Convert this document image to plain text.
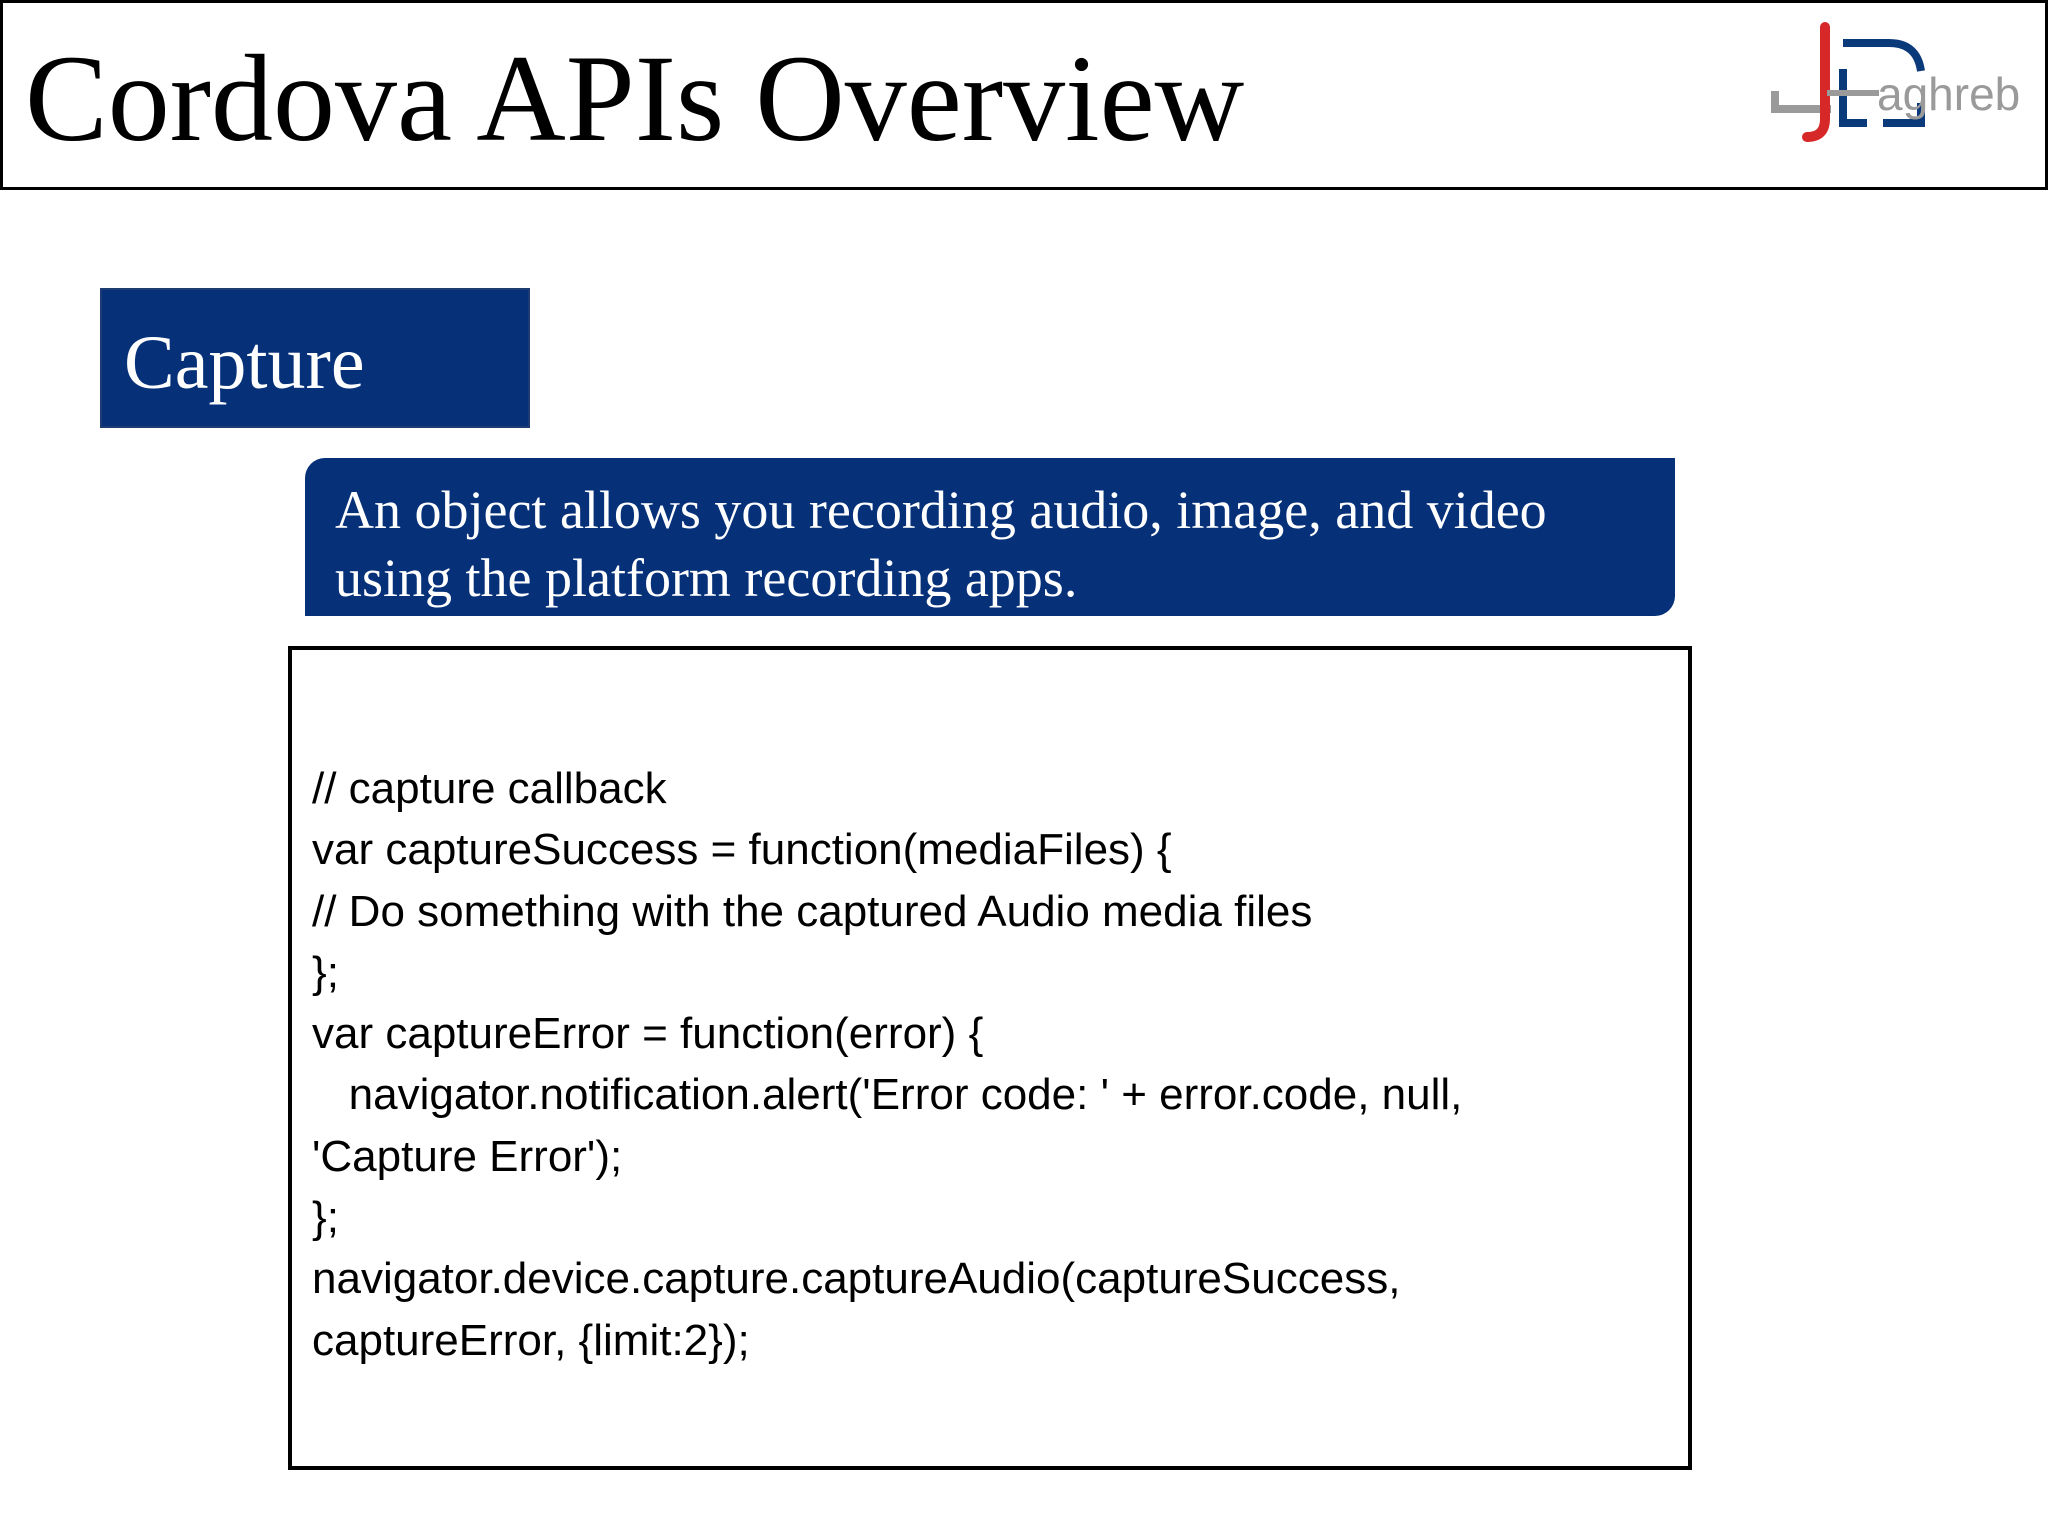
Cordova APIs Overview	aghreb
Capture
An object allows you recording audio, image, and video using the platform recording apps.
// capture callback
var captureSuccess = function(mediaFiles) {
// Do something with the captured Audio media files
};
var captureError = function(error) {
navigator.notification.alert('Error code: ' + error.code, null,
'Capture Error');
};
navigator.device.capture.captureAudio(captureSuccess,
captureError, {limit:2});
